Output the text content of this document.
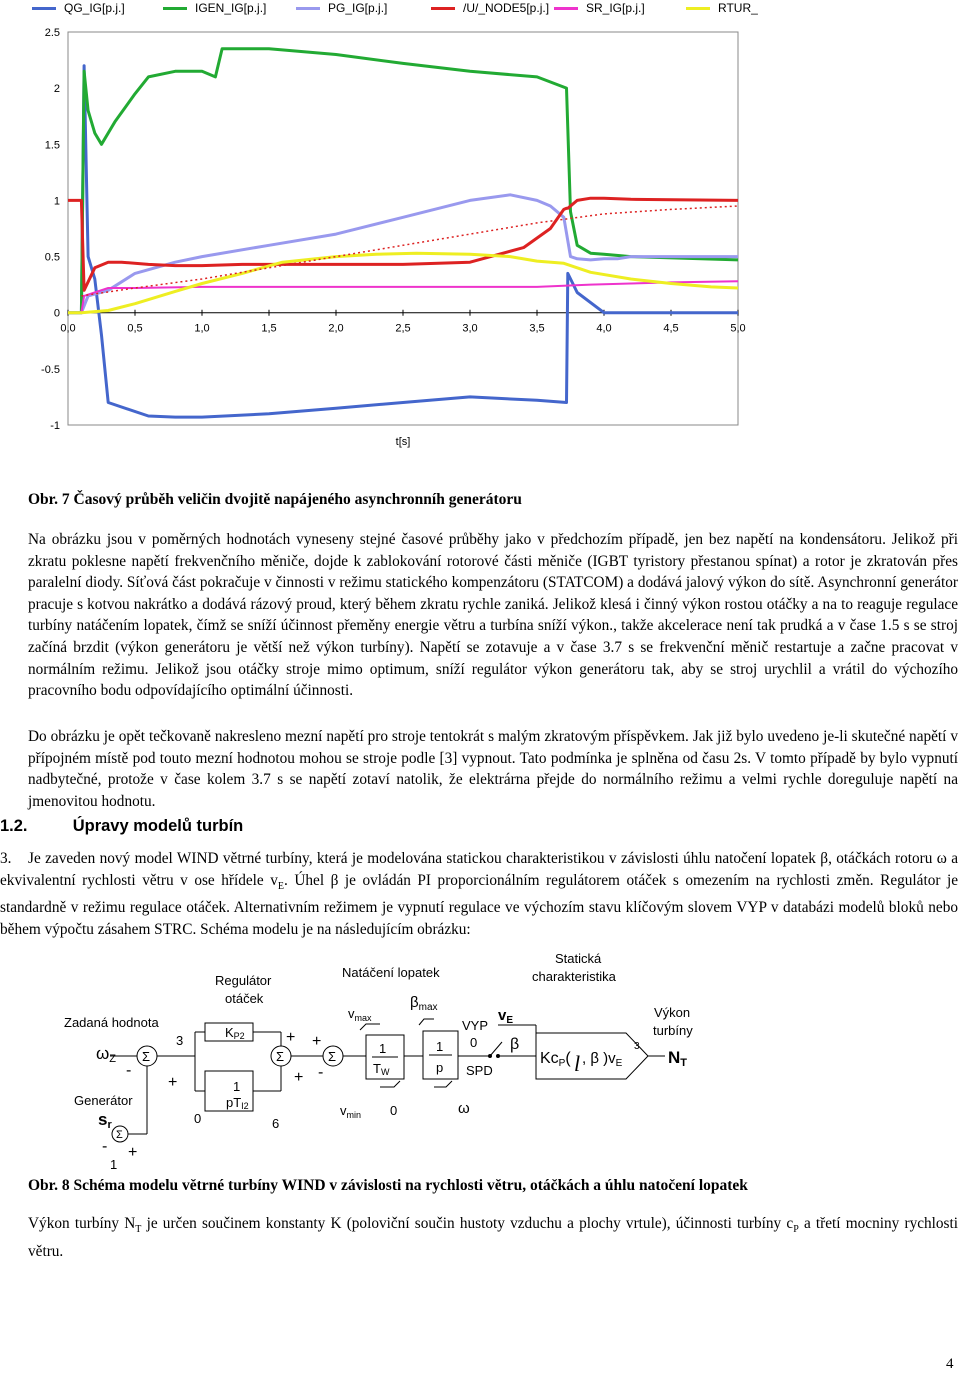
QG_IG[p.j.]	IGEN_IG[p.j.]	PG_IG[p.j.]	/U/_NODE5[p.j.]	SR_IG[p.j.]	RTUR_
2.5
2
1.5
1
0.5
0
-0.5
-1
0,0	0,5	1,0	1,5	2,0	2,5	3,0	3,5	4,0	4,5	5,0
t[s]
Obr. 7 Časový průběh veličin dvojitě napájeného asynchronníh generátoru
Na obrázku jsou v poměrných hodnotách vyneseny stejné časové průběhy jako v předchozím případě, jen bez napětí na kondensátoru. Jelikož při zkratu poklesne napětí frekvenčního měniče, dojde k zablokování rotorové části měniče (IGBT tyristory přestanou spínat) a rotor je zkratován přes paralelní diody. Síťová část pokračuje v činnosti v režimu statického kompenzátoru (STATCOM) a dodává jalový výkon do sítě. Asynchronní generátor pracuje s kotvou nakrátko a dodává rázový proud, který během zkratu rychle zaniká. Jelikož klesá i činný výkon rostou otáčky a na to reaguje regulace turbíny natáčením lopatek, čímž se sníží účinnost přeměny energie větru a turbína sníží výkon., takže akcelerace není tak prudká a v čase 1.5 s se stroj začíná brzdit (výkon generátoru je větší než výkon turbíny). Napětí se zotavuje a v čase 3.7 s se frekvenční měnič restartuje a začne pracovat v normálním režimu. Jelikož jsou otáčky stroje mimo optimum, sníží regulátor výkon generátoru tak, aby se stroj urychlil a vrátil do výchozího pracovního bodu odpovídajícího optimální účinnosti.
Do obrázku je opět tečkovaně nakresleno mezní napětí pro stroje tentokrát s malým zkratovým příspěvkem. Jak již bylo uvedeno je-li skutečné napětí v přípojném místě pod touto mezní hodnotou mohou se stroje podle [3] vypnout. Tato podmínka je splněna od času 2s. V tomto případě by bylo vypnutí nadbytečné, protože v čase kolem 3.7 s se napětí zotaví natolik, že elektrárna přejde do normálního režimu a velmi rychle doreguluje napětí na jmenovitou hodnotu.
1.2.	Úpravy modelů turbín
3. Je zaveden nový model WIND větrné turbíny, která je modelována statickou charakteristikou v závislosti úhlu natočení lopatek β, otáčkách rotoru ω a ekvivalentní rychlosti větru v ose hřídele $v_E$. Úhel β je ovládán PI proporcionálním regulátorem otáček s omezením na rychlosti změn. Regulátor je standardně v režimu regulace otáček. Alternativním režimem je vypnutí regulace ve výchozím stavu klíčovým slovem VYP v databázi modelů bloků nebo během výpočtu zásahem STRC. Schéma modelu je na následujícím obrázku:
Regulátor
otáček
Natáčení lopatek
Statická
charakteristika
Zadaná hodnota
Generátor
Výkon
turbíny
ωZ
sr
Σ
-
+
3
Σ
- +
1
KP2
1
pTI2
0	6
Σ
+
+
Σ
+
-
$v_{max}$
1
TW
$v_{min}$
$\beta_{max}$
1
p
0
VYP
0
SPD
β
$v_E$
ω
KcP( l , β )$v_E$
3
NT
Obr. 8 Schéma modelu větrné turbíny WIND v závislosti na rychlosti větru, otáčkách a úhlu natočení lopatek
Výkon turbíny $N_T$ je určen součinem konstanty K (poloviční součin hustoty vzduchu a plochy vrtule), účinnosti turbíny $c_P$ a třetí mocniny rychlosti větru.
4
